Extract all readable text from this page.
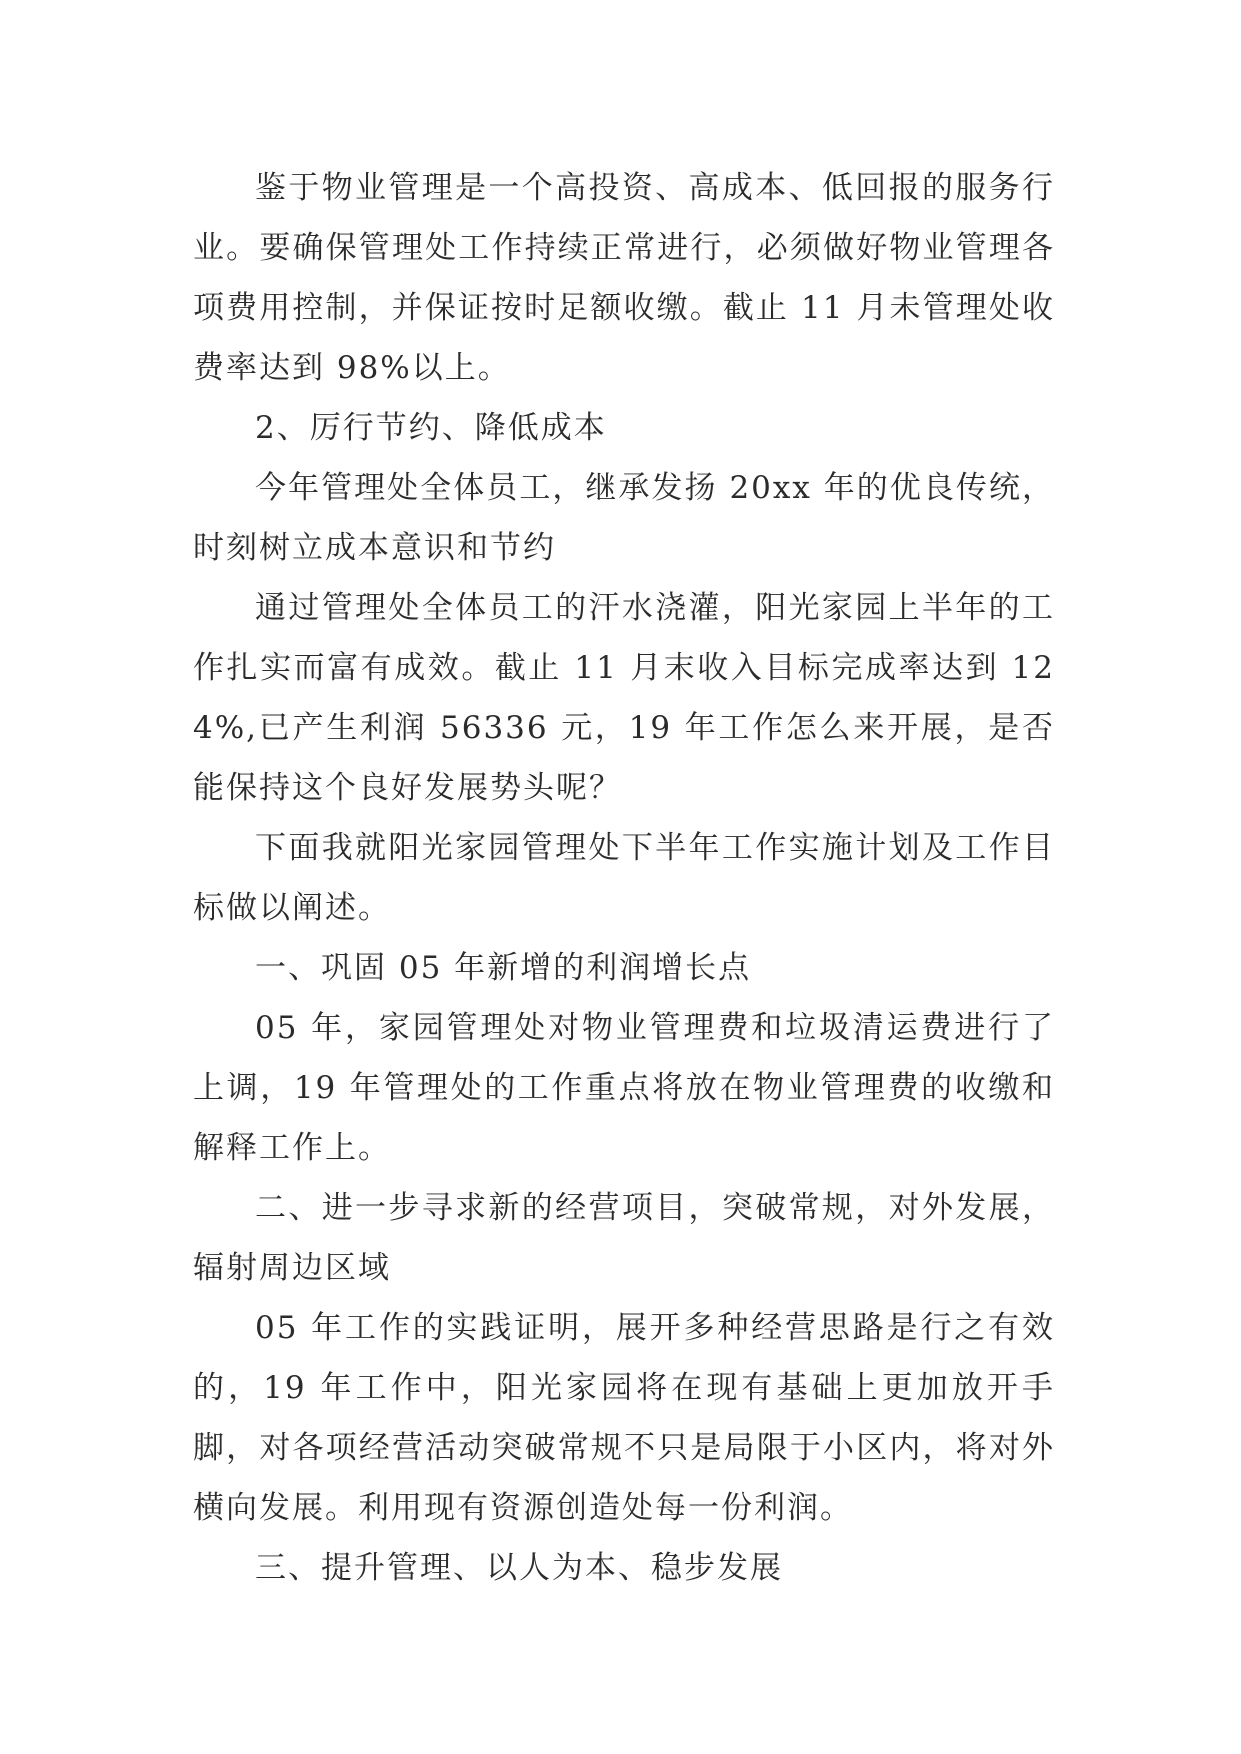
鉴于物业管理是一个高投资、高成本、低回报的服务行业。要确保管理处工作持续正常进行，必须做好物业管理各项费用控制，并保证按时足额收缴。截止 11 月未管理处收费率达到 98%以上。

2、厉行节约、降低成本

今年管理处全体员工，继承发扬 20xx 年的优良传统，时刻树立成本意识和节约

通过管理处全体员工的汗水浇灌，阳光家园上半年的工作扎实而富有成效。截止 11 月末收入目标完成率达到 124%,已产生利润 56336 元，19 年工作怎么来开展，是否能保持这个良好发展势头呢？

下面我就阳光家园管理处下半年工作实施计划及工作目标做以阐述。

一、巩固 05 年新增的利润增长点

05 年，家园管理处对物业管理费和垃圾清运费进行了上调，19 年管理处的工作重点将放在物业管理费的收缴和解释工作上。

二、进一步寻求新的经营项目，突破常规，对外发展，辐射周边区域

05 年工作的实践证明，展开多种经营思路是行之有效的，19 年工作中，阳光家园将在现有基础上更加放开手脚，对各项经营活动突破常规不只是局限于小区内，将对外横向发展。利用现有资源创造处每一份利润。

三、提升管理、以人为本、稳步发展
